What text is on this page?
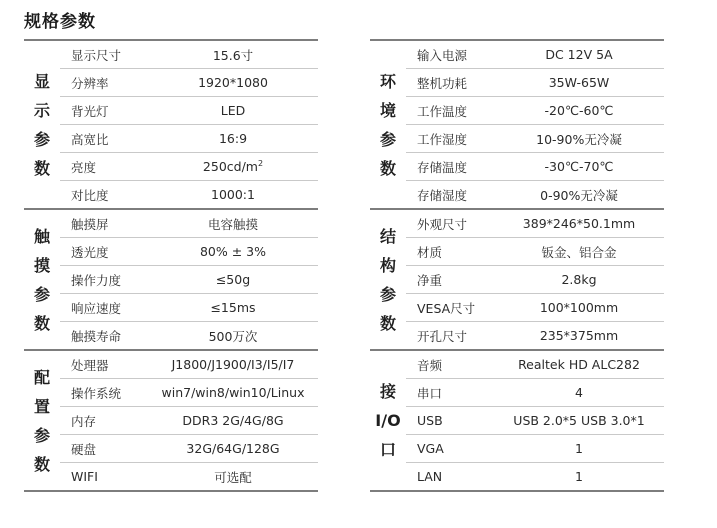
规格参数
显
示
参
数
显示尺寸	15.6寸
分辨率	1920*1080
背光灯	LED
高宽比	16:9
亮度	$250cd/m^2$
对比度	1000:1
触
摸
参
数
触摸屏	电容触摸
透光度	80% ± 3%
操作力度	≤50g
响应速度	≤15ms
触摸寿命	500万次
配
置
参
数
处理器	J1800/J1900/I3/I5/I7
操作系统	win7/win8/win10/Linux
内存	DDR3 2G/4G/8G
硬盘	32G/64G/128G
WIFI	可选配
环
境
参
数
输入电源	DC 12V 5A
整机功耗	35W-65W
工作温度	-20℃-60℃
工作湿度	10-90%无冷凝
存储温度	-30℃-70℃
存储湿度	0-90%无冷凝
结
构
参
数
外观尺寸	389*246*50.1mm
材质	钣金、铝合金
净重	2.8kg
VESA尺寸	100*100mm
开孔尺寸	235*375mm
接
I/O
口
音频	Realtek HD ALC282
串口	4
USB	USB 2.0*5 USB 3.0*1
VGA	1
LAN	1
